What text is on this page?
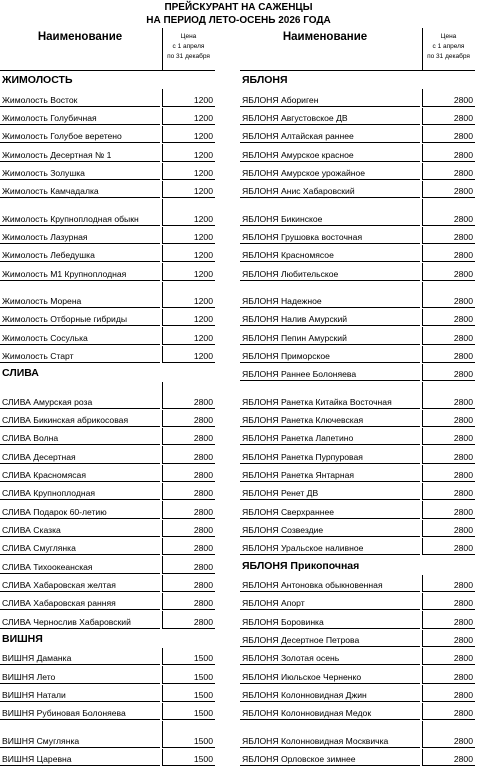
ПРЕЙСКУРАНТ НА САЖЕНЦЫ
НА ПЕРИОД ЛЕТО-ОСЕНЬ 2026 ГОДА
Наименование	Цена
с 1 апреля
по 31 декабря
Наименование	Цена
с 1 апреля
по 31 декабря
ЖИМОЛОСТЬ
Жимолость Восток	1200
Жимолость Голубичная	1200
Жимолость Голубое веретено	1200
Жимолость Десертная № 1	1200
Жимолость Золушка	1200
Жимолость Камчадалка	1200
Жимолость Крупноплодная обыкн	1200
Жимолость Лазурная	1200
Жимолость Лебедушка	1200
Жимолость М1 Крупноплодная	1200
Жимолость Морена	1200
Жимолость Отборные гибриды	1200
Жимолость Сосулька	1200
Жимолость Старт	1200
СЛИВА
СЛИВА Амурская роза	2800
СЛИВА Бикинская абрикосовая	2800
СЛИВА Волна	2800
СЛИВА Десертная	2800
СЛИВА Красномясая	2800
СЛИВА Крупноплодная	2800
СЛИВА Подарок 60-летию	2800
СЛИВА Сказка	2800
СЛИВА Смуглянка	2800
СЛИВА Тихоокеанская	2800
СЛИВА Хабаровская желтая	2800
СЛИВА Хабаровская ранняя	2800
СЛИВА Чернослив Хабаровский	2800
ВИШНЯ
ВИШНЯ Даманка	1500
ВИШНЯ Лето	1500
ВИШНЯ Натали	1500
ВИШНЯ Рубиновая Болоняева	1500
ВИШНЯ Смуглянка	1500
ВИШНЯ Царевна	1500
ЯБЛОНЯ
ЯБЛОНЯ Абориген	2800
ЯБЛОНЯ Августовское ДВ	2800
ЯБЛОНЯ Алтайская раннее	2800
ЯБЛОНЯ Амурское красное	2800
ЯБЛОНЯ Амурское урожайное	2800
ЯБЛОНЯ Анис Хабаровский	2800
ЯБЛОНЯ Бикинское	2800
ЯБЛОНЯ Грушовка восточная	2800
ЯБЛОНЯ Красномясое	2800
ЯБЛОНЯ Любительское	2800
ЯБЛОНЯ Надежное	2800
ЯБЛОНЯ Налив Амурский	2800
ЯБЛОНЯ Пепин Амурский	2800
ЯБЛОНЯ Приморское	2800
ЯБЛОНЯ Раннее Болоняева	2800
ЯБЛОНЯ Ранетка Китайка Восточная	2800
ЯБЛОНЯ Ранетка Ключевская	2800
ЯБЛОНЯ Ранетка Лапетино	2800
ЯБЛОНЯ Ранетка Пурпуровая	2800
ЯБЛОНЯ Ранетка Янтарная	2800
ЯБЛОНЯ Ренет ДВ	2800
ЯБЛОНЯ Сверхраннее	2800
ЯБЛОНЯ Созвездие	2800
ЯБЛОНЯ Уральское наливное	2800
ЯБЛОНЯ Прикопочная
ЯБЛОНЯ Антоновка обыкновенная	2800
ЯБЛОНЯ Апорт	2800
ЯБЛОНЯ Боровинка	2800
ЯБЛОНЯ Десертное Петрова	2800
ЯБЛОНЯ Золотая осень	2800
ЯБЛОНЯ Июльское Черненко	2800
ЯБЛОНЯ Колонновидная Джин	2800
ЯБЛОНЯ Колонновидная Медок	2800
ЯБЛОНЯ Колонновидная Москвичка	2800
ЯБЛОНЯ Орловское зимнее	2800
